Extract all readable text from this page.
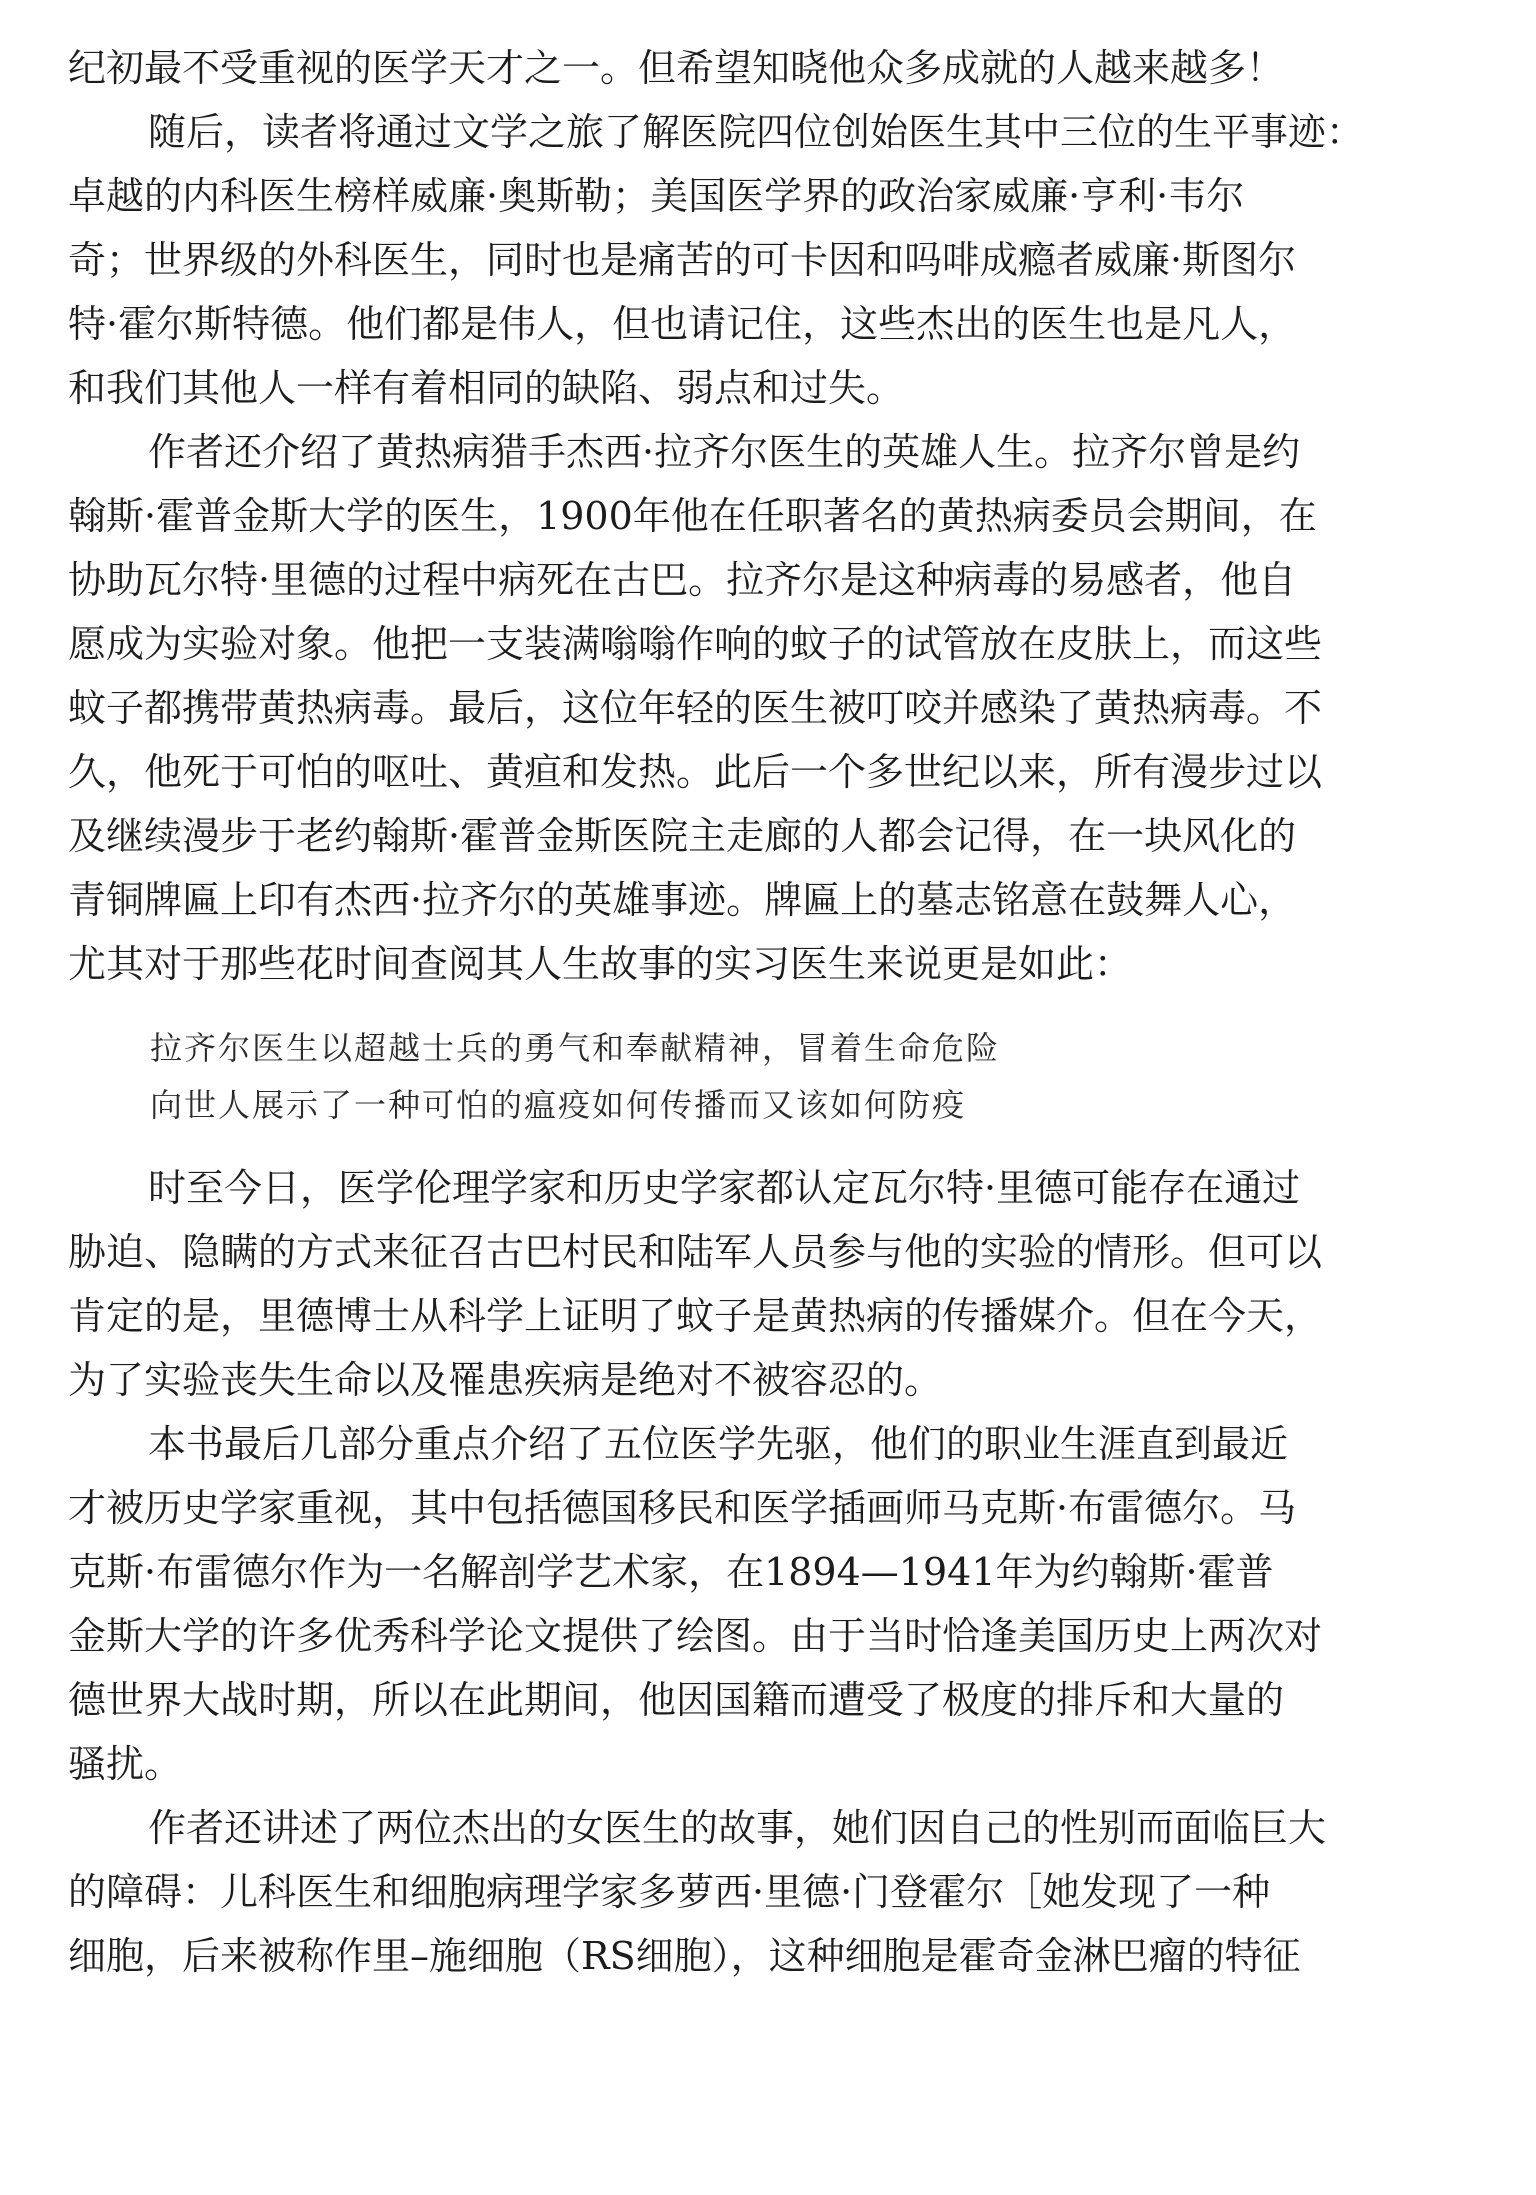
纪初最不受重视的医学天才之一。但希望知晓他众多成就的人越来越多！

随后，读者将通过文学之旅了解医院四位创始医生其中三位的生平事迹：
卓越的内科医生榜样威廉·奥斯勒；美国医学界的政治家威廉·亨利·韦尔
奇；世界级的外科医生，同时也是痛苦的可卡因和吗啡成瘾者威廉·斯图尔
特·霍尔斯特德。他们都是伟人，但也请记住，这些杰出的医生也是凡人，
和我们其他人一样有着相同的缺陷、弱点和过失。

作者还介绍了黄热病猎手杰西·拉齐尔医生的英雄人生。拉齐尔曾是约
翰斯·霍普金斯大学的医生，1900年他在任职著名的黄热病委员会期间，在
协助瓦尔特·里德的过程中病死在古巴。拉齐尔是这种病毒的易感者，他自
愿成为实验对象。他把一支装满嗡嗡作响的蚊子的试管放在皮肤上，而这些
蚊子都携带黄热病毒。最后，这位年轻的医生被叮咬并感染了黄热病毒。不
久，他死于可怕的呕吐、黄疸和发热。此后一个多世纪以来，所有漫步过以
及继续漫步于老约翰斯·霍普金斯医院主走廊的人都会记得，在一块风化的
青铜牌匾上印有杰西·拉齐尔的英雄事迹。牌匾上的墓志铭意在鼓舞人心，
尤其对于那些花时间查阅其人生故事的实习医生来说更是如此：

拉齐尔医生以超越士兵的勇气和奉献精神，冒着生命危险
向世人展示了一种可怕的瘟疫如何传播而又该如何防疫

时至今日，医学伦理学家和历史学家都认定瓦尔特·里德可能存在通过
胁迫、隐瞒的方式来征召古巴村民和陆军人员参与他的实验的情形。但可以
肯定的是，里德博士从科学上证明了蚊子是黄热病的传播媒介。但在今天，
为了实验丧失生命以及罹患疾病是绝对不被容忍的。

本书最后几部分重点介绍了五位医学先驱，他们的职业生涯直到最近
才被历史学家重视，其中包括德国移民和医学插画师马克斯·布雷德尔。马
克斯·布雷德尔作为一名解剖学艺术家，在1894—1941年为约翰斯·霍普
金斯大学的许多优秀科学论文提供了绘图。由于当时恰逢美国历史上两次对
德世界大战时期，所以在此期间，他因国籍而遭受了极度的排斥和大量的
骚扰。

作者还讲述了两位杰出的女医生的故事，她们因自己的性别而面临巨大
的障碍：儿科医生和细胞病理学家多萝西·里德·门登霍尔［她发现了一种
细胞，后来被称作里–施细胞（RS细胞），这种细胞是霍奇金淋巴瘤的特征
